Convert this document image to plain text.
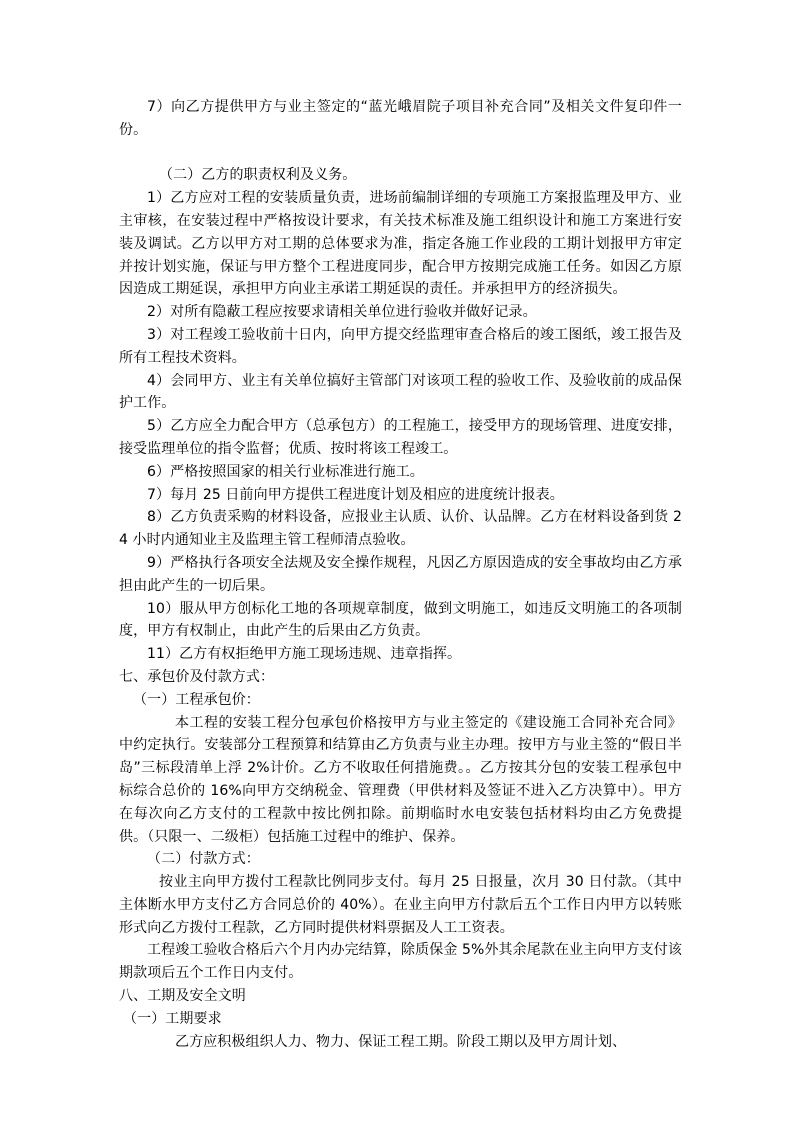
7）向乙方提供甲方与业主签定的“蓝光峨眉院子项目补充合同”及相关文件复印件一份。

（二）乙方的职责权利及义务。

1）乙方应对工程的安装质量负责，进场前编制详细的专项施工方案报监理及甲方、业主审核，在安装过程中严格按设计要求，有关技术标准及施工组织设计和施工方案进行安装及调试。乙方以甲方对工期的总体要求为准，指定各施工作业段的工期计划报甲方审定并按计划实施，保证与甲方整个工程进度同步，配合甲方按期完成施工任务。如因乙方原因造成工期延误，承担甲方向业主承诺工期延误的责任。并承担甲方的经济损失。

2）对所有隐蔽工程应按要求请相关单位进行验收并做好记录。

3）对工程竣工验收前十日内，向甲方提交经监理审查合格后的竣工图纸，竣工报告及所有工程技术资料。

4）会同甲方、业主有关单位搞好主管部门对该项工程的验收工作、及验收前的成品保护工作。

5）乙方应全力配合甲方（总承包方）的工程施工，接受甲方的现场管理、进度安排，接受监理单位的指令监督；优质、按时将该工程竣工。

6）严格按照国家的相关行业标准进行施工。

7）每月 25 日前向甲方提供工程进度计划及相应的进度统计报表。

8）乙方负责采购的材料设备，应报业主认质、认价、认品牌。乙方在材料设备到货 24 小时内通知业主及监理主管工程师清点验收。

9）严格执行各项安全法规及安全操作规程，凡因乙方原因造成的安全事故均由乙方承担由此产生的一切后果。

10）服从甲方创标化工地的各项规章制度，做到文明施工，如违反文明施工的各项制度，甲方有权制止，由此产生的后果由乙方负责。

11）乙方有权拒绝甲方施工现场违规、违章指挥。

七、承包价及付款方式：

（一）工程承包价：

本工程的安装工程分包承包价格按甲方与业主签定的《建设施工合同补充合同》中约定执行。安装部分工程预算和结算由乙方负责与业主办理。按甲方与业主签的“假日半岛”三标段清单上浮 2%计价。乙方不收取任何措施费。。乙方按其分包的安装工程承包中标综合总价的 16%向甲方交纳税金、管理费（甲供材料及签证不进入乙方决算中）。甲方在每次向乙方支付的工程款中按比例扣除。前期临时水电安装包括材料均由乙方免费提供。（只限一、二级柜）包括施工过程中的维护、保养。

（二）付款方式：

按业主向甲方拨付工程款比例同步支付。每月 25 日报量，次月 30 日付款。（其中主体断水甲方支付乙方合同总价的 40%）。在业主向甲方付款后五个工作日内甲方以转账形式向乙方拨付工程款，乙方同时提供材料票据及人工工资表。

工程竣工验收合格后六个月内办完结算，除质保金 5%外其余尾款在业主向甲方支付该期款项后五个工作日内支付。

八、工期及安全文明

（一）工期要求

乙方应积极组织人力、物力、保证工程工期。阶段工期以及甲方周计划、
